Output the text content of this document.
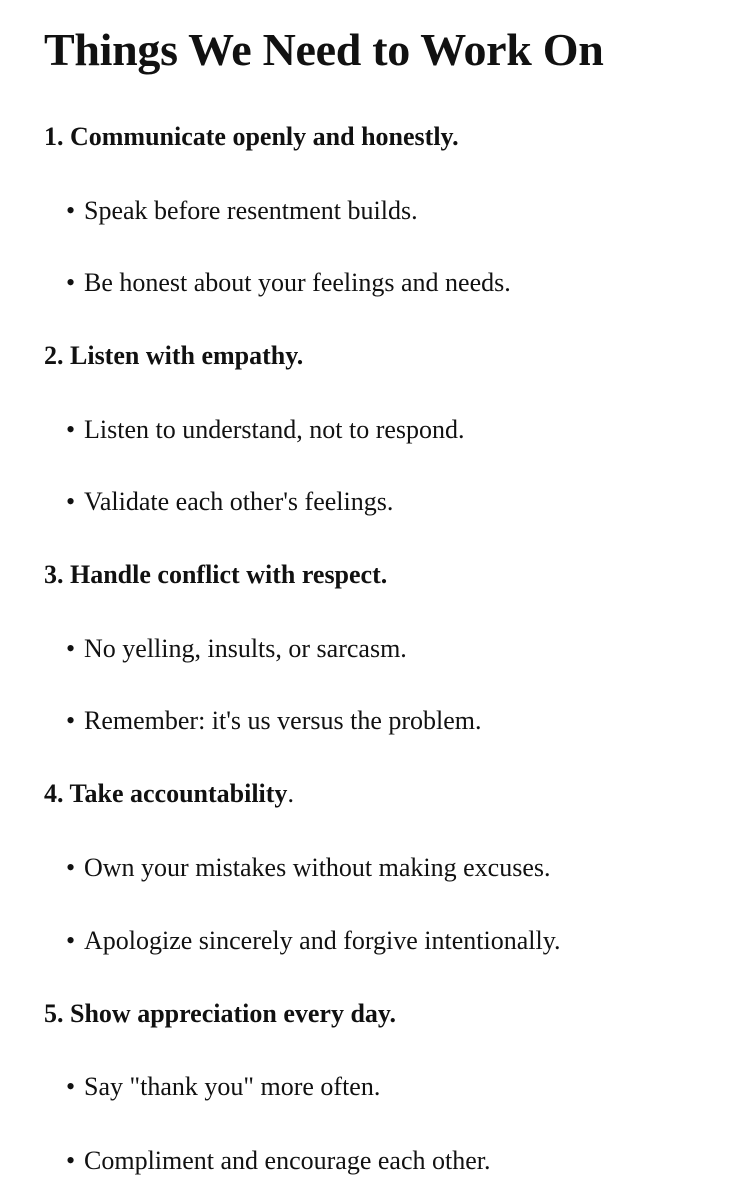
Things We Need to Work On
1. Communicate openly and honestly.
• Speak before resentment builds.
• Be honest about your feelings and needs.
2. Listen with empathy.
• Listen to understand, not to respond.
• Validate each other's feelings.
3. Handle conflict with respect.
• No yelling, insults, or sarcasm.
• Remember: it's us versus the problem.
4. Take accountability.
• Own your mistakes without making excuses.
• Apologize sincerely and forgive intentionally.
5. Show appreciation every day.
• Say "thank you" more often.
• Compliment and encourage each other.
